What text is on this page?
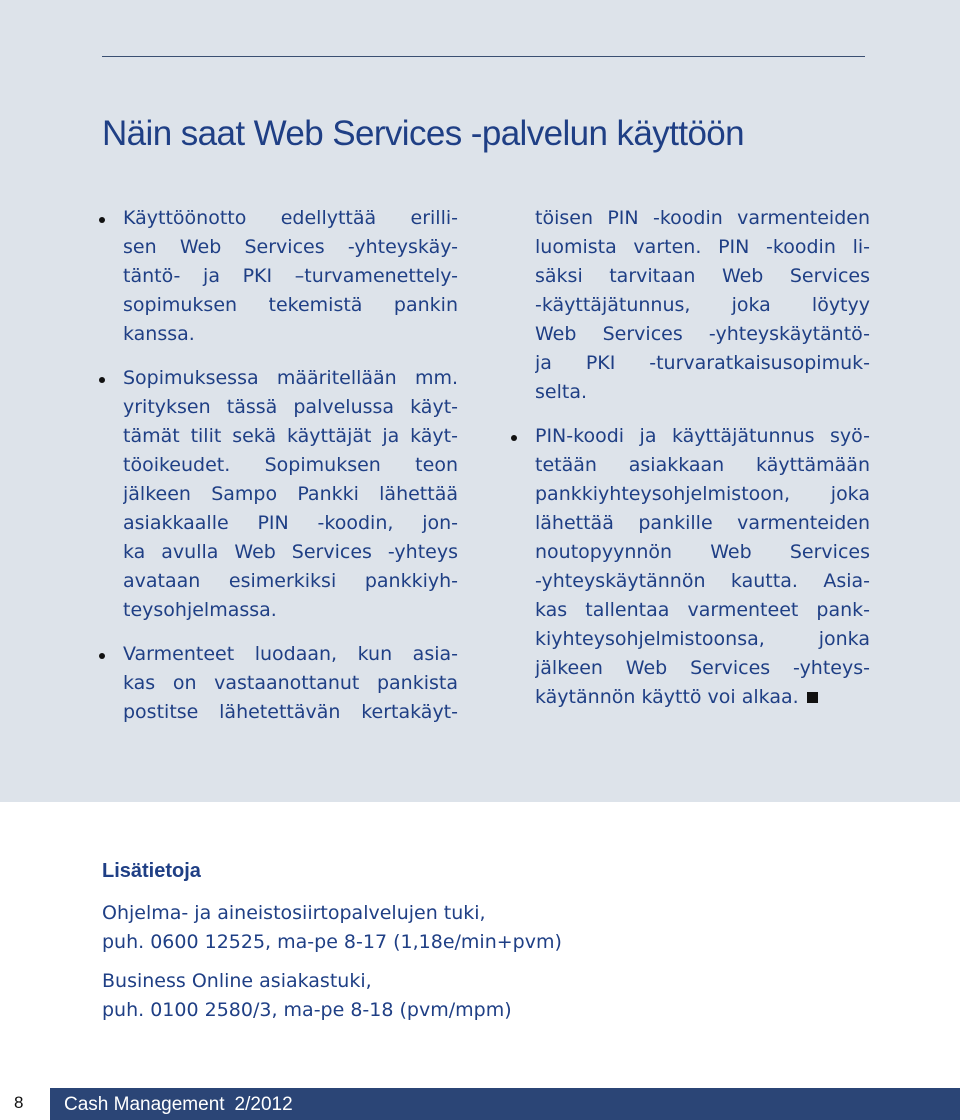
Näin saat Web Services -palvelun käyttöön
Käyttöönotto edellyttää erilli-
sen Web Services -yhteyskäy-
täntö- ja PKI –turvamenettely-
sopimuksen tekemistä pankin
kanssa.
Sopimuksessa määritellään mm.
yrityksen tässä palvelussa käyt-
tämät tilit sekä käyttäjät ja käyt-
töoikeudet. Sopimuksen teon
jälkeen Sampo Pankki lähettää
asiakkaalle PIN -koodin, jon-
ka avulla Web Services -yhteys
avataan esimerkiksi pankkiyh-
teysohjelmassa.
Varmenteet luodaan, kun asia-
kas on vastaanottanut pankista
postitse lähetettävän kertakäyt-
töisen PIN -koodin varmenteiden
luomista varten. PIN -koodin li-
säksi tarvitaan Web Services
-käyttäjätunnus, joka löytyy
Web Services -yhteyskäytäntö-
ja PKI -turvaratkaisusopimuk-
selta.
PIN-koodi ja käyttäjätunnus syö-
tetään asiakkaan käyttämään
pankkiyhteysohjelmistoon, joka
lähettää pankille varmenteiden
noutopyynnön Web Services
-yhteyskäytännön kautta. Asia-
kas tallentaa varmenteet pank-
kiyhteysohjelmistoonsa, jonka
jälkeen Web Services -yhteys-
käytännön käyttö voi alkaa.
Lisätietoja

Ohjelma- ja aineistosiirtopalvelujen tuki,
puh. 0600 12525, ma-pe 8-17 (1,18e/min+pvm)

Business Online asiakastuki,
puh. 0100 2580/3, ma-pe 8-18 (pvm/mpm)

8 Cash Management 2/2012
